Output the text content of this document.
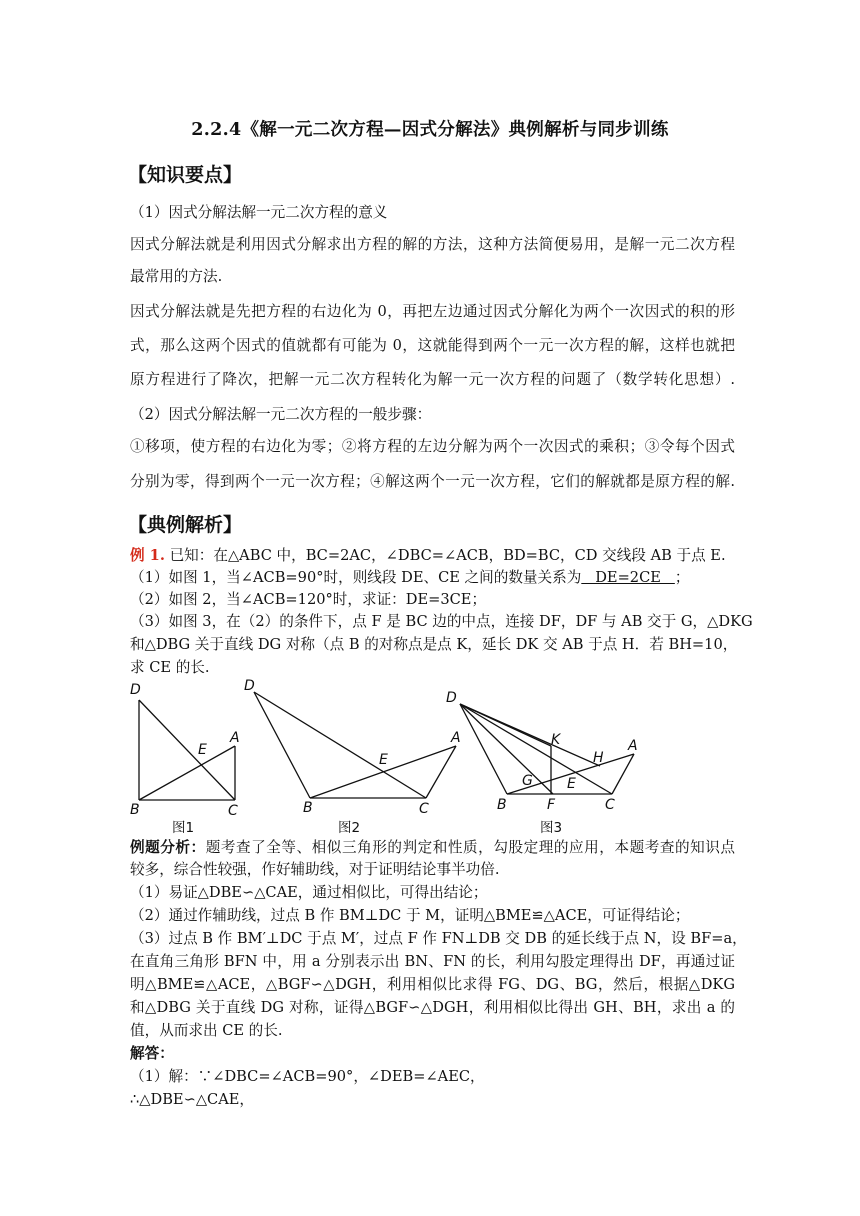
2.2.4《解一元二次方程—因式分解法》典例解析与同步训练
【知识要点】
（1）因式分解法解一元二次方程的意义
因式分解法就是利用因式分解求出方程的解的方法，这种方法简便易用，是解一元二次方程
最常用的方法.
因式分解法就是先把方程的右边化为 0，再把左边通过因式分解化为两个一次因式的积的形
式，那么这两个因式的值就都有可能为 0，这就能得到两个一元一次方程的解，这样也就把
原方程进行了降次，把解一元二次方程转化为解一元一次方程的问题了（数学转化思想）.
（2）因式分解法解一元二次方程的一般步骤：
①移项，使方程的右边化为零；②将方程的左边分解为两个一次因式的乘积；③令每个因式
分别为零，得到两个一元一次方程；④解这两个一元一次方程，它们的解就都是原方程的解.
【典例解析】
例 1. 已知：在△ABC 中，BC=2AC，∠DBC=∠ACB，BD=BC，CD 交线段 AB 于点 E.
（1）如图 1，当∠ACB=90°时，则线段 DE、CE 之间的数量关系为   DE=2CE   ；
（2）如图 2，当∠ACB=120°时，求证：DE=3CE；
（3）如图 3，在（2）的条件下，点 F 是 BC 边的中点，连接 DF，DF 与 AB 交于 G，△DKG
和△DBG 关于直线 DG 对称（点 B 的对称点是点 K，延长 DK 交 AB 于点 H．若 BH=10，
求 CE 的长.
D
E
A
B	C
图1
D
E
A
B	C
图2
D
K
H
A
G E
B	F	C
图3
例题分析：题考查了全等、相似三角形的判定和性质，勾股定理的应用，本题考查的知识点
较多，综合性较强，作好辅助线，对于证明结论事半功倍.
（1）易证△DBE∽△CAE，通过相似比，可得出结论；
（2）通过作辅助线，过点 B 作 BM⊥DC 于 M，证明△BME≌△ACE，可证得结论；
（3）过点 B 作 BM′⊥DC 于点 M′，过点 F 作 FN⊥DB 交 DB 的延长线于点 N，设 BF=a，
在直角三角形 BFN 中，用 a 分别表示出 BN、FN 的长，利用勾股定理得出 DF，再通过证
明△BME≌△ACE，△BGF∽△DGH，利用相似比求得 FG、DG、BG，然后，根据△DKG
和△DBG 关于直线 DG 对称，证得△BGF∽△DGH，利用相似比得出 GH、BH，求出 a 的
值，从而求出 CE 的长.
解答：
（1）解：∵∠DBC=∠ACB=90°，∠DEB=∠AEC，
∴△DBE∽△CAE，
